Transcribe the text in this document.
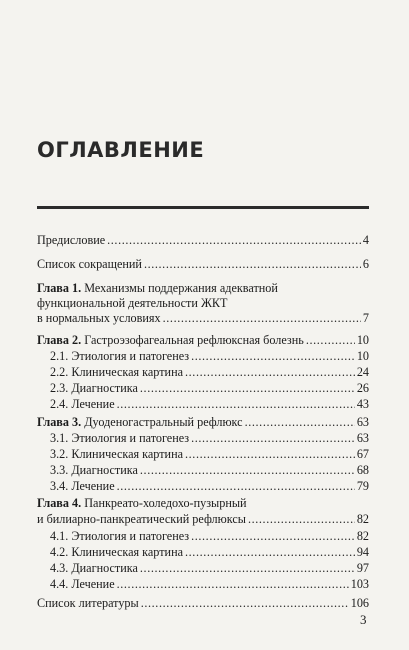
ОГЛАВЛЕНИЕ
Предисловие .....	4
Список сокращений .....	6
Глава 1. Механизмы поддержания адекватной
функциональной деятельности ЖКТ
в нормальных условиях .....	7
Глава 2. Гастроэзофагеальная рефлюксная болезнь .....	10
2.1. Этиология и патогенез .....	10
2.2. Клиническая картина .....	24
2.3. Диагностика .....	26
2.4. Лечение .....	43
Глава 3. Дуоденогастральный рефлюкс .....	63
3.1. Этиология и патогенез .....	63
3.2. Клиническая картина .....	67
3.3. Диагностика .....	68
3.4. Лечение .....	79
Глава 4. Панкреато-холедохо-пузырный
и билиарно-панкреатический рефлюксы .....	82
4.1. Этиология и патогенез .....	82
4.2. Клиническая картина .....	94
4.3. Диагностика .....	97
4.4. Лечение .....	103
Список литературы .....	106
3
